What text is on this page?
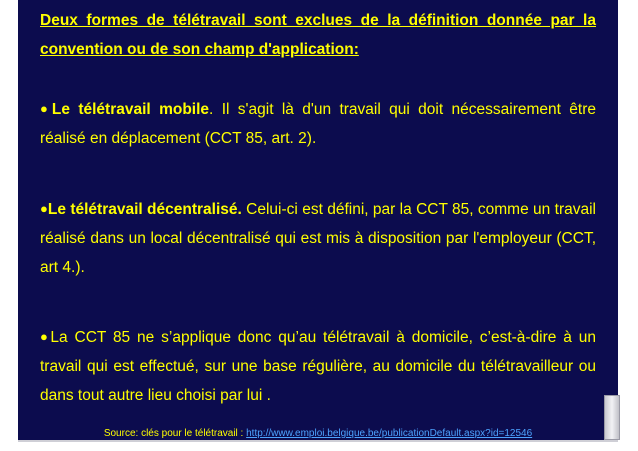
Deux formes de télétravail sont exclues de la définition donnée par la convention ou de son champ d'application:
●Le télétravail mobile. Il s'agit là d'un travail qui doit nécessairement être réalisé en déplacement (CCT 85, art. 2).
●Le télétravail décentralisé. Celui-ci est défini, par la CCT 85, comme un travail réalisé dans un local décentralisé qui est mis à disposition par l'employeur (CCT, art 4.).
●La CCT 85 ne s’applique donc qu’au télétravail à domicile, c’est-à-dire à un travail qui est effectué, sur une base régulière, au domicile du télétravailleur ou dans tout autre lieu choisi par lui .
Source: clés pour le télétravail : http://www.emploi.belgique.be/publicationDefault.aspx?id=12546
